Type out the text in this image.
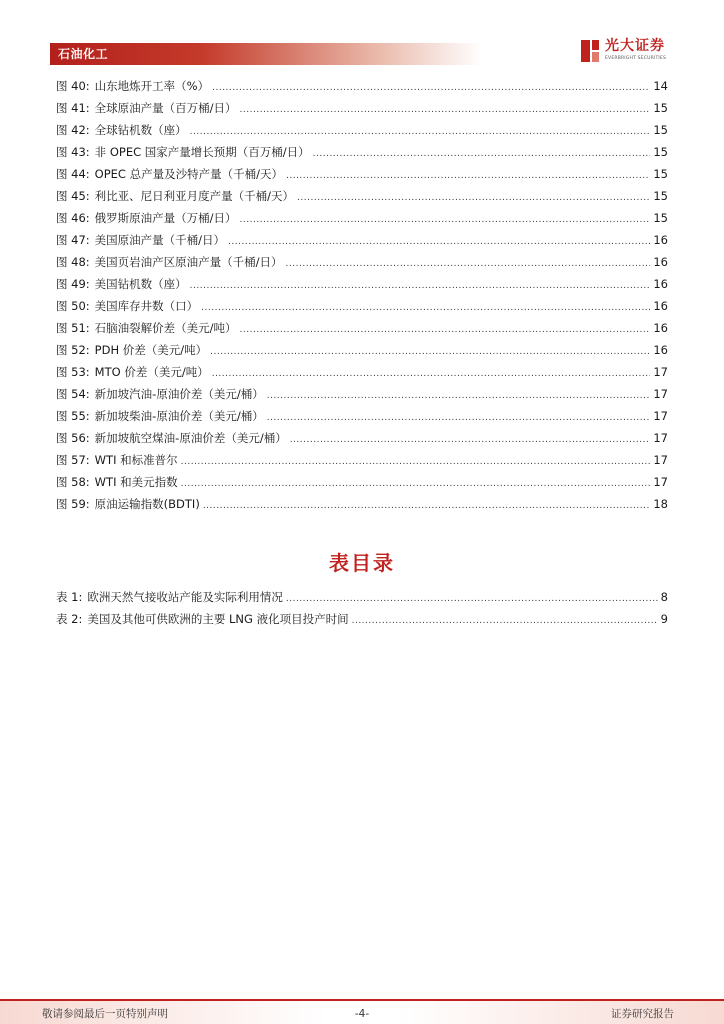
石油化工	光大证券
EVERBRIGHT SECURITIES
图 40: 山东地炼开工率（%） .....	14
图 41: 全球原油产量（百万桶/日） .....	15
图 42: 全球钻机数（座） .....	15
图 43: 非 OPEC 国家产量增长预期（百万桶/日） .....	15
图 44: OPEC 总产量及沙特产量（千桶/天） .....	15
图 45: 利比亚、尼日利亚月度产量（千桶/天） .....	15
图 46: 俄罗斯原油产量（万桶/日） .....	15
图 47: 美国原油产量（千桶/日） .....	16
图 48: 美国页岩油产区原油产量（千桶/日） .....	16
图 49: 美国钻机数（座） .....	16
图 50: 美国库存井数（口） .....	16
图 51: 石脑油裂解价差（美元/吨） .....	16
图 52: PDH 价差（美元/吨） .....	16
图 53: MTO 价差（美元/吨） .....	17
图 54: 新加坡汽油-原油价差（美元/桶） .....	17
图 55: 新加坡柴油-原油价差（美元/桶） .....	17
图 56: 新加坡航空煤油-原油价差（美元/桶） .....	17
图 57: WTI 和标准普尔 .....	17
图 58: WTI 和美元指数 .....	17
图 59: 原油运输指数(BDTI) .....	18
表目录
表 1: 欧洲天然气接收站产能及实际利用情况 .....	8
表 2: 美国及其他可供欧洲的主要 LNG 液化项目投产时间 .....	9
敬请参阅最后一页特别声明	-4-	证券研究报告
